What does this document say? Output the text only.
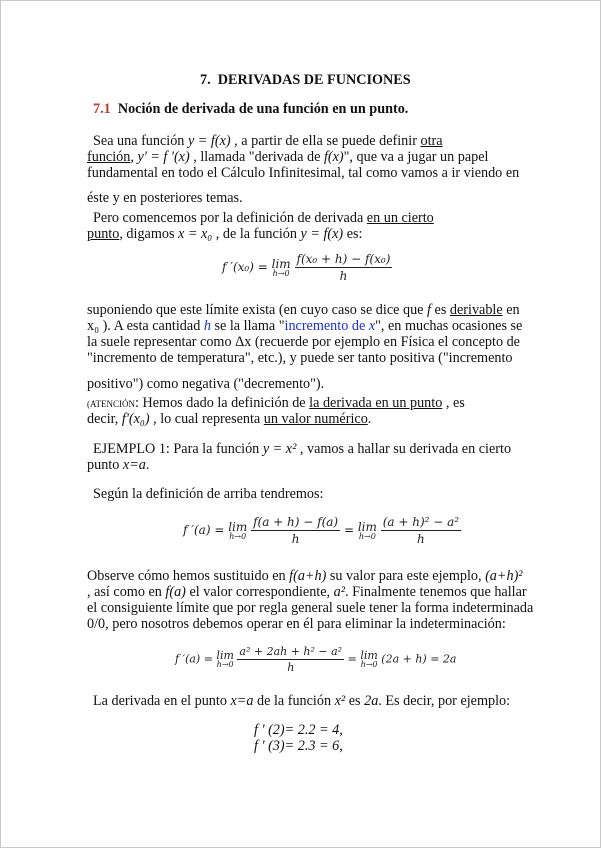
7. DERIVADAS DE FUNCIONES
7.1 Noción de derivada de una función en un punto.
Sea una función y = f(x) , a partir de ella se puede definir otra
función, y' = f '(x) , llamada "derivada de f(x)", que va a jugar un papel
fundamental en todo el Cálculo Infinitesimal, tal como vamos a ir viendo en
éste y en posteriores temas.
Pero comencemos por la definición de derivada en un cierto
punto, digamos x = x₀ , de la función y = f(x) es:
f ′(x₀) = lim
h→0
$\frac{\text{f(x₀ + h) − f(x₀)}}{h}$
suponiendo que este límite exista (en cuyo caso se dice que f es derivable en
x₀ ). A esta cantidad h se la llama "incremento de x", en muchas ocasiones se
la suele representar como Δx (recuerde por ejemplo en Física el concepto de
"incremento de temperatura", etc.), y puede ser tanto positiva ("incremento
positivo") como negativa ("decremento").
(ATENCIÓN: Hemos dado la definición de la derivada en un punto , es
decir, f'(x₀) , lo cual representa un valor numérico.
EJEMPLO 1: Para la función y = x² , vamos a hallar su derivada en cierto
punto x=a.
Según la definición de arriba tendremos:
f ′(a) = lim
h→0
$\frac{f(a + h) - f(a)}{h} = \lim$
h→0
$\frac{\text{(a + h)² − a²}}{h}$
Observe cómo hemos sustituido en f(a+h) su valor para este ejemplo, (a+h)²
, así como en f(a) el valor correspondiente, a². Finalmente tenemos que hallar
el consiguiente límite que por regla general suele tener la forma indeterminada
0/0, pero nosotros debemos operar en él para eliminar la indeterminación:
f ′(a) = lim
h→0
$\frac{\text{a² + 2ah + h² − a²}}{h} = \lim$
h→0 (2a + h) = 2a
La derivada en el punto x=a de la función x² es 2a. Es decir, por ejemplo:
f ' (2)= 2.2 = 4,
f ' (3)= 2.3 = 6,
